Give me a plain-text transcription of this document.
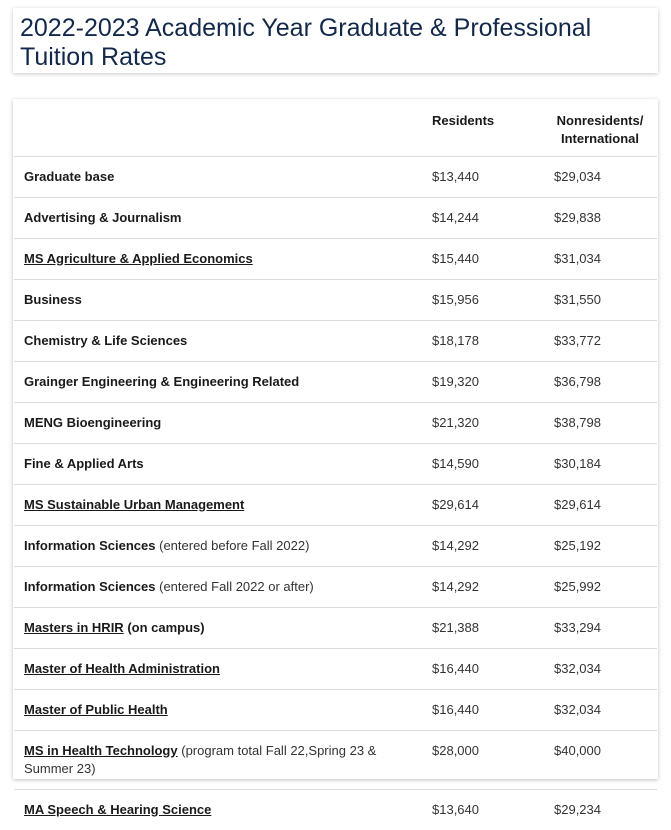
2022-2023 Academic Year Graduate & Professional Tuition Rates
	Residents	Nonresidents/
International
Graduate base	$13,440	$29,034
Advertising & Journalism	$14,244	$29,838
MS Agriculture & Applied Economics	$15,440	$31,034
Business	$15,956	$31,550
Chemistry & Life Sciences	$18,178	$33,772
Grainger Engineering & Engineering Related	$19,320	$36,798
MENG Bioengineering	$21,320	$38,798
Fine & Applied Arts	$14,590	$30,184
MS Sustainable Urban Management	$29,614	$29,614
Information Sciences (entered before Fall 2022)	$14,292	$25,192
Information Sciences (entered Fall 2022 or after)	$14,292	$25,992
Masters in HRIR (on campus)	$21,388	$33,294
Master of Health Administration	$16,440	$32,034
Master of Public Health	$16,440	$32,034
MS in Health Technology (program total Fall 22,Spring 23 & Summer 23)	$28,000	$40,000
MA Speech & Hearing Science	$13,640	$29,234
